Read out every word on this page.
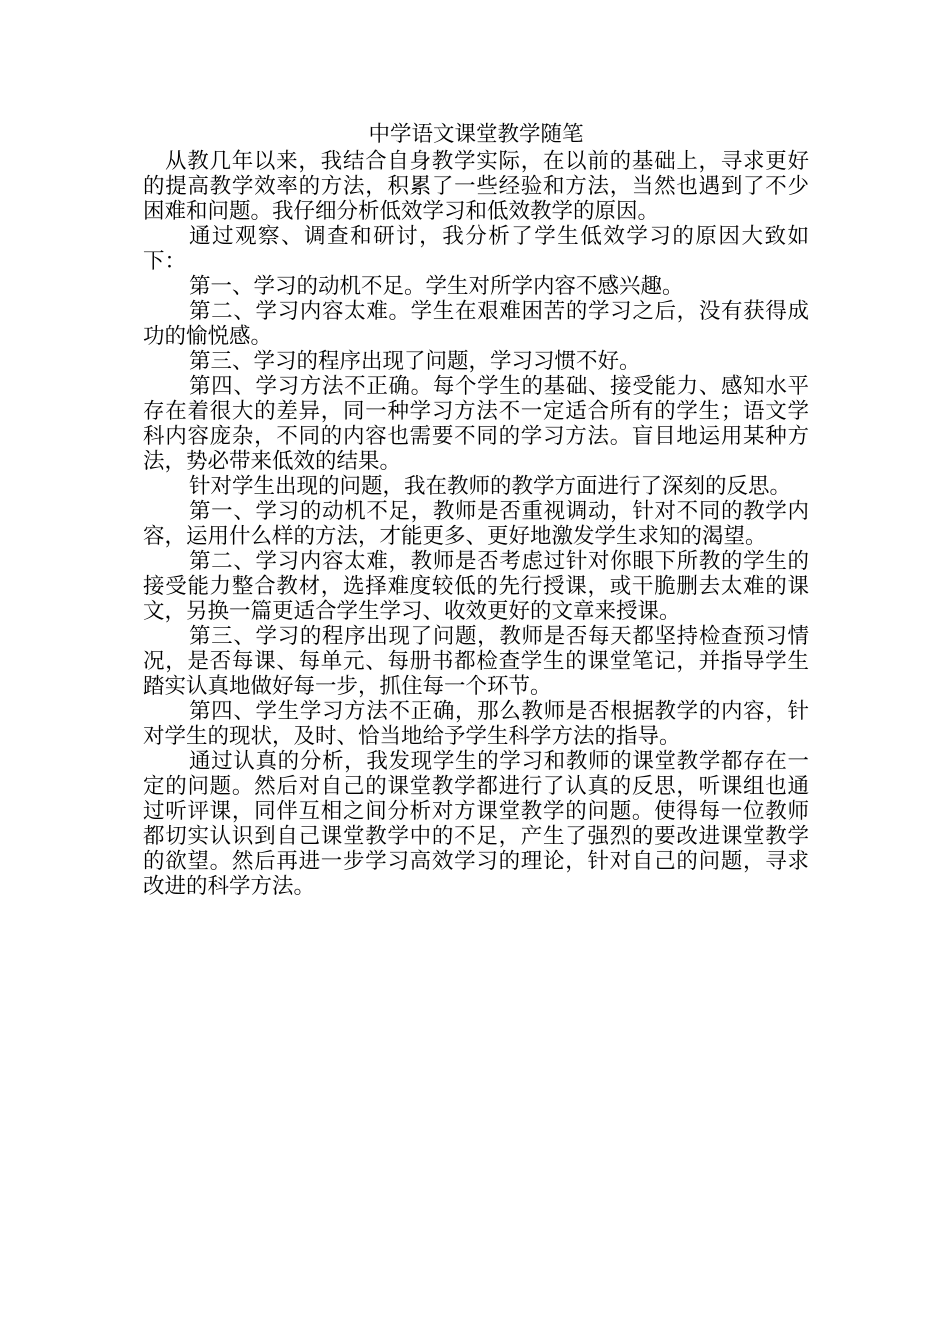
中学语文课堂教学随笔

从教几年以来，我结合自身教学实际，在以前的基础上，寻求更好的提高教学效率的方法，积累了一些经验和方法，当然也遇到了不少困难和问题。我仔细分析低效学习和低效教学的原因。

通过观察、调查和研讨，我分析了学生低效学习的原因大致如下：

第一、学习的动机不足。学生对所学内容不感兴趣。

第二、学习内容太难。学生在艰难困苦的学习之后，没有获得成功的愉悦感。

第三、学习的程序出现了问题，学习习惯不好。

第四、学习方法不正确。每个学生的基础、接受能力、感知水平存在着很大的差异，同一种学习方法不一定适合所有的学生；语文学科内容庞杂，不同的内容也需要不同的学习方法。盲目地运用某种方法，势必带来低效的结果。

针对学生出现的问题，我在教师的教学方面进行了深刻的反思。

第一、学习的动机不足，教师是否重视调动，针对不同的教学内容，运用什么样的方法，才能更多、更好地激发学生求知的渴望。

第二、学习内容太难，教师是否考虑过针对你眼下所教的学生的接受能力整合教材，选择难度较低的先行授课，或干脆删去太难的课文，另换一篇更适合学生学习、收效更好的文章来授课。

第三、学习的程序出现了问题，教师是否每天都坚持检查预习情况，是否每课、每单元、每册书都检查学生的课堂笔记，并指导学生踏实认真地做好每一步，抓住每一个环节。

第四、学生学习方法不正确，那么教师是否根据教学的内容，针对学生的现状，及时、恰当地给予学生科学方法的指导。

通过认真的分析，我发现学生的学习和教师的课堂教学都存在一定的问题。然后对自己的课堂教学都进行了认真的反思，听课组也通过听评课，同伴互相之间分析对方课堂教学的问题。使得每一位教师都切实认识到自己课堂教学中的不足，产生了强烈的要改进课堂教学的欲望。然后再进一步学习高效学习的理论，针对自己的问题，寻求改进的科学方法。
